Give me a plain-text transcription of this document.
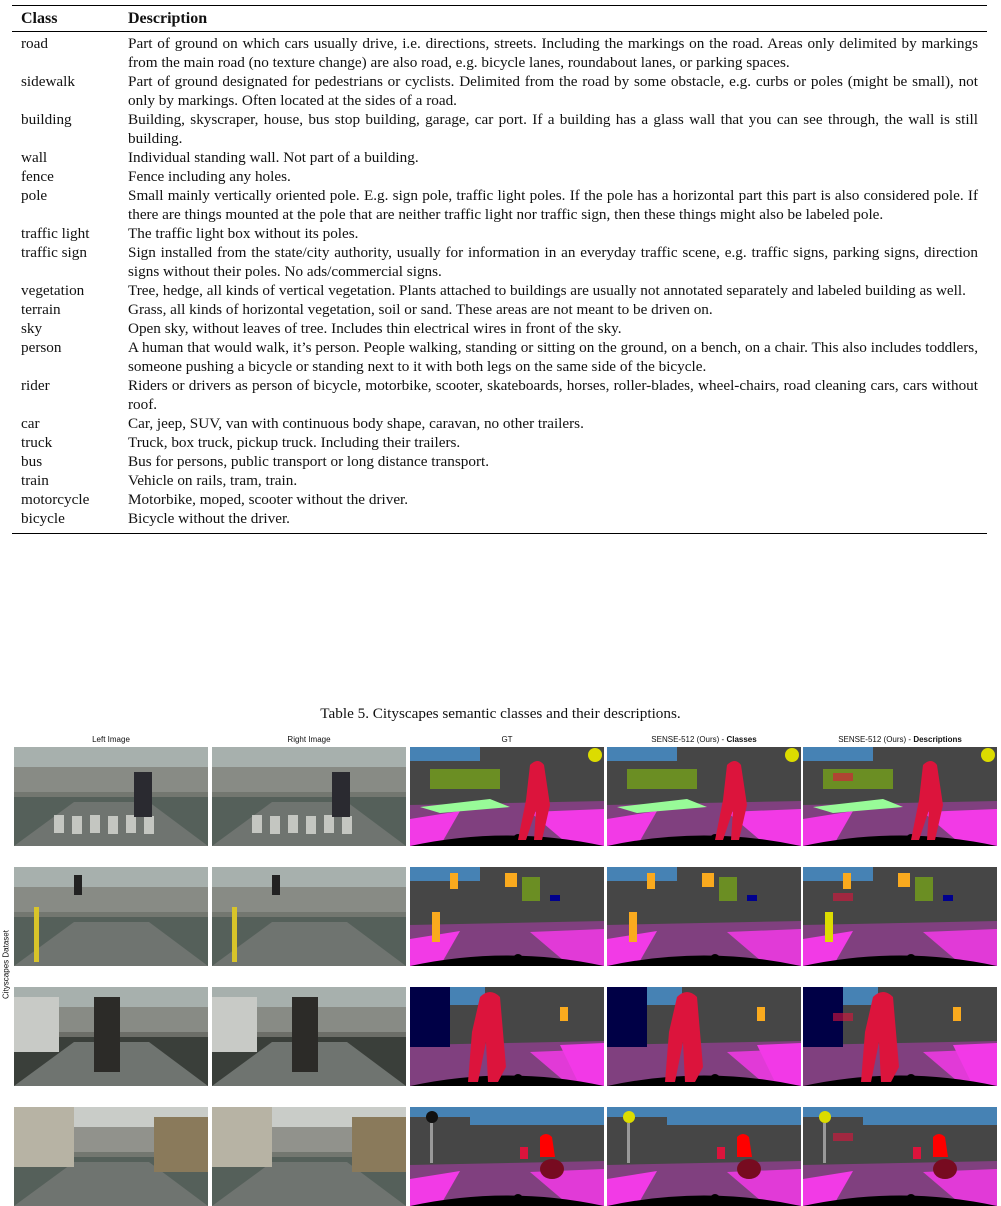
Class	Description
road	Part of ground on which cars usually drive, i.e. directions, streets. Including the markings on the road. Areas only delimited by markings from the main road (no texture change) are also road, e.g. bicycle lanes, roundabout lanes, or parking spaces.
sidewalk	Part of ground designated for pedestrians or cyclists. Delimited from the road by some obstacle, e.g. curbs or poles (might be small), not only by markings. Often located at the sides of a road.
building	Building, skyscraper, house, bus stop building, garage, car port. If a building has a glass wall that you can see through, the wall is still building.
wall	Individual standing wall. Not part of a building.
fence	Fence including any holes.
pole	Small mainly vertically oriented pole. E.g. sign pole, traffic light poles. If the pole has a horizontal part this part is also considered pole. If there are things mounted at the pole that are neither traffic light nor traffic sign, then these things might also be labeled pole.
traffic light	The traffic light box without its poles.
traffic sign	Sign installed from the state/city authority, usually for information in an everyday traffic scene, e.g. traffic signs, parking signs, direction signs without their poles. No ads/commercial signs.
vegetation	Tree, hedge, all kinds of vertical vegetation. Plants attached to buildings are usually not annotated separately and labeled building as well.
terrain	Grass, all kinds of horizontal vegetation, soil or sand. These areas are not meant to be driven on.
sky	Open sky, without leaves of tree. Includes thin electrical wires in front of the sky.
person	A human that would walk, it’s person. People walking, standing or sitting on the ground, on a bench, on a chair. This also includes toddlers, someone pushing a bicycle or standing next to it with both legs on the same side of the bicycle.
rider	Riders or drivers as person of bicycle, motorbike, scooter, skateboards, horses, roller-blades, wheel-chairs, road cleaning cars, cars without roof.
car	Car, jeep, SUV, van with continuous body shape, caravan, no other trailers.
truck	Truck, box truck, pickup truck. Including their trailers.
bus	Bus for persons, public transport or long distance transport.
train	Vehicle on rails, tram, train.
motorcycle	Motorbike, moped, scooter without the driver.
bicycle	Bicycle without the driver.
Table 5. Cityscapes semantic classes and their descriptions.
Cityscapes Dataset
Left Image	Right Image	GT	SENSE-512 (Ours) - Classes	SENSE-512 (Ours) - Descriptions
